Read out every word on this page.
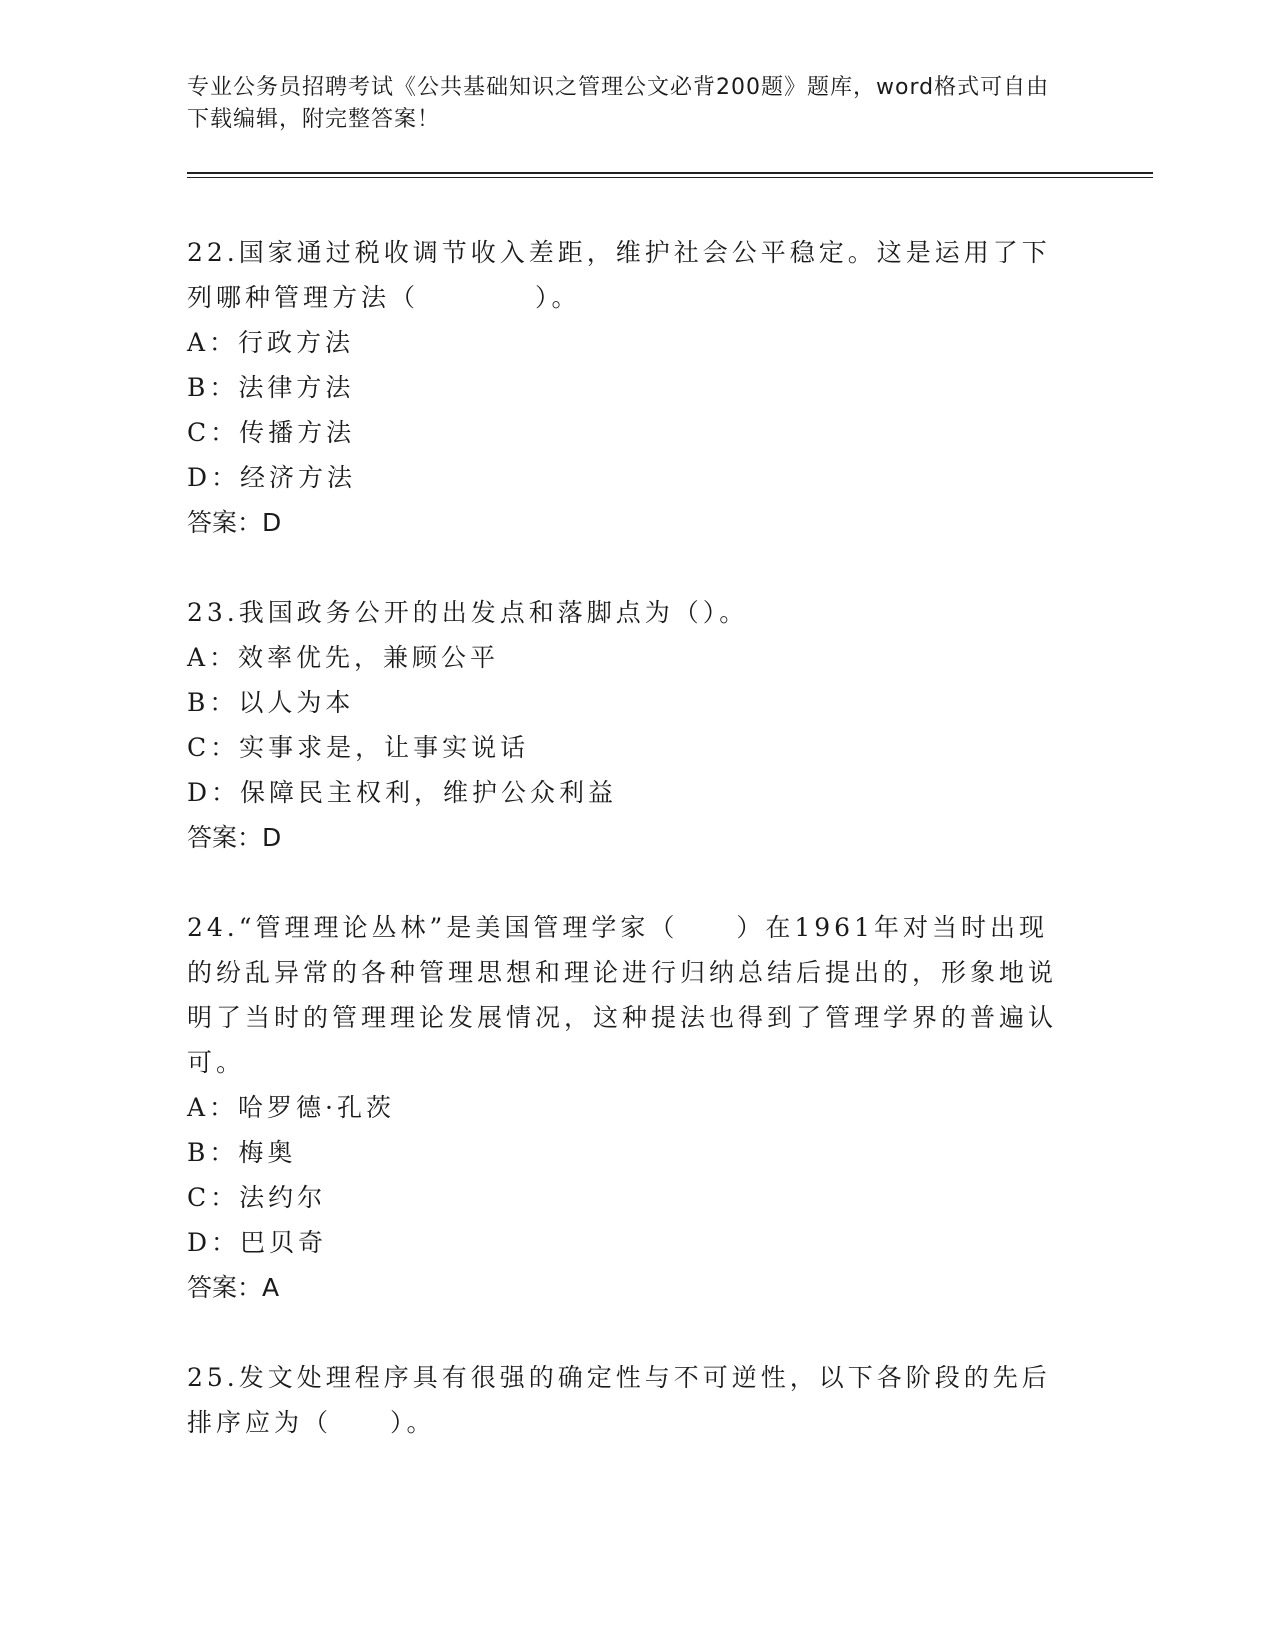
专业公务员招聘考试《公共基础知识之管理公文必背200题》题库，word格式可自由下载编辑，附完整答案！

22.国家通过税收调节收入差距，维护社会公平稳定。这是运用了下列哪种管理方法（　　　　）。

A：行政方法

B：法律方法

C：传播方法

D：经济方法

答案：D

23.我国政务公开的出发点和落脚点为（）。

A：效率优先，兼顾公平

B：以人为本

C：实事求是，让事实说话

D：保障民主权利，维护公众利益

答案：D

24.“管理理论丛林”是美国管理学家（　　）在1961年对当时出现的纷乱异常的各种管理思想和理论进行归纳总结后提出的，形象地说明了当时的管理理论发展情况，这种提法也得到了管理学界的普遍认可。

A：哈罗德·孔茨

B：梅奥

C：法约尔

D：巴贝奇

答案：A

25.发文处理程序具有很强的确定性与不可逆性，以下各阶段的先后排序应为（　　）。
